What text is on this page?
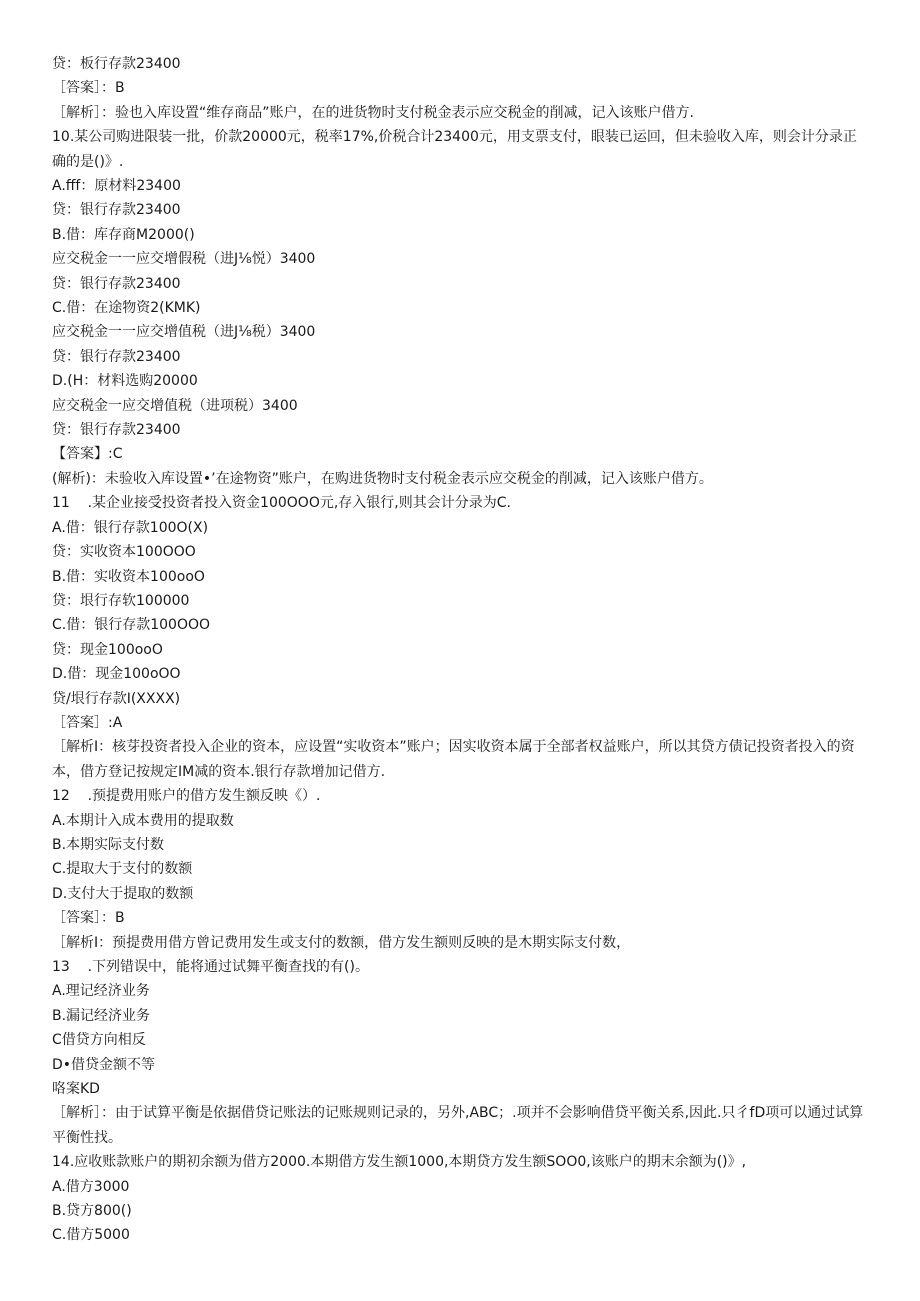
贷：板行存款23400
［答案］：B
［解析］：验也入库设置“维存商品”账户，在的进货物时支付税金表示应交税金的削减，记入该账户借方.
10.某公司购进限装一批，价款20000元，税率17%,价税合计23400元，用支票支付，眼装已运回，但未验收入库，则会计分录正确的是()》.
A.fff：原材料23400
贷：银行存款23400
B.借：库存商M2000()
应交税金一一应交增假税（进J⅛悦）3400
贷：银行存款23400
C.借：在途物资2(KMK)
应交税金一一应交增值税（进J⅛税）3400
贷：银行存款23400
D.(H：材料选购20000
应交税金一应交增值税（进项税）3400
贷：银行存款23400
【答案】:C
(解析)：未验收入库设置•’在途物资”账户，在购进货物时支付税金表示应交税金的削减，记入该账户借方。
11	.某企业接受投资者投入资金100OOO元,存入银行,则其会计分录为C.
A.借：银行存款100O(X)
贷：实收资本100OOO
B.借：实收资本100ooO
贷：垠行存软100000
C.借：银行存款100OOO
贷：现金100ooO
D.借：现金100oOO
贷/垠行存款I(XXXX)
［答案］:A
［解析I：核芽投资者投入企业的资本，应设置“实收资本”账户；因实收资本属于全部者权益账户，所以其贷方债记投资者投入的资本，借方登记按规定IM减的资本.银行存款增加记借方.
12	.预提费用账户的借方发生额反映《）.
A.本期计入成本费用的提取数
B.本期实际支付数
C.提取大于支付的数额
D.支付大于提取的数额
［答案］：B
［解析I：预提费用借方曾记费用发生或支付的数额，借方发生额则反映的是木期实际支付数，
13	.下列错误中，能将通过试舞平衡查找的有()。
A.理记经济业务
B.漏记经济业务
C借贷方向相反
D•借贷金额不等
咯案KD
［解析］：由于试算平衡是依据借贷记账法的记账规则记录的，另外,ABC；.项并不会影响借贷平衡关系,因此.只彳fD项可以通过试算平衡性找。
14.应收账款账户的期初余额为借方2000.本期借方发生额1000,本期贷方发生额SOO0,该账户的期末余额为()》,
A.借方3000
B.贷方800()
C.借方5000
